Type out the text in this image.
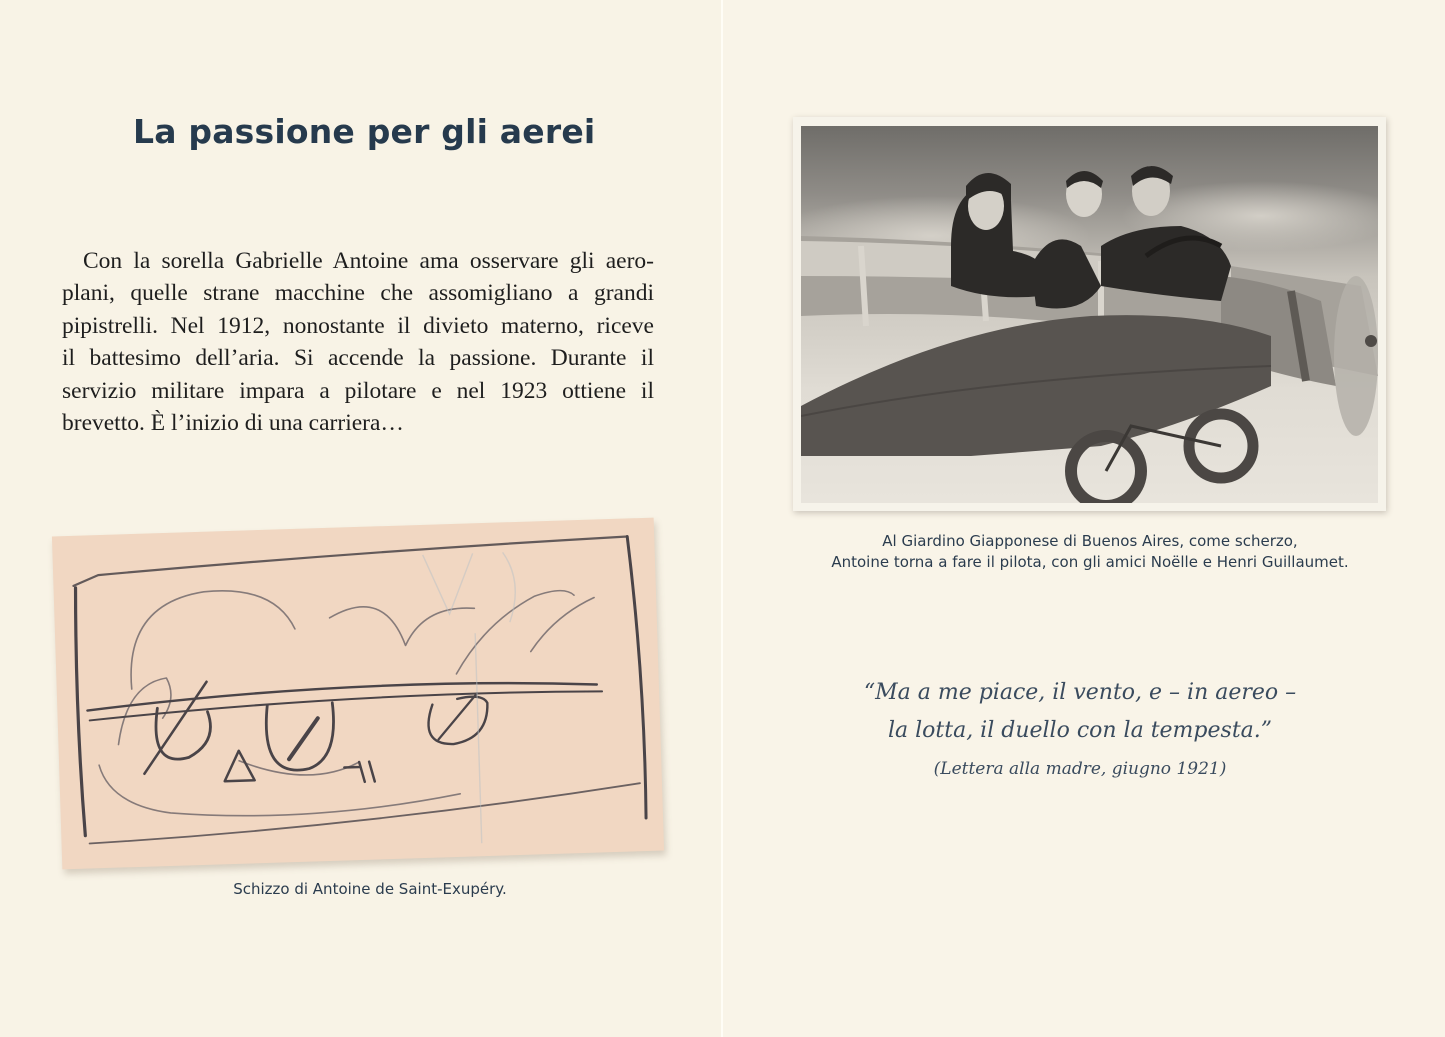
La passione per gli aerei

Con la sorella Gabrielle Antoine ama osservare gli aero-
plani, quelle strane macchine che assomigliano a grandi
pipistrelli. Nel 1912, nonostante il divieto materno, riceve
il battesimo dell’aria. Si accende la passione. Durante il
servizio militare impara a pilotare e nel 1923 ottiene il
brevetto. È l’inizio di una carriera…

Schizzo di Antoine de Saint-Exupéry.
Al Giardino Giapponese di Buenos Aires, come scherzo,
Antoine torna a fare il pilota, con gli amici Noëlle e Henri Guillaumet.
“Ma a me piace, il vento, e – in aereo –
la lotta, il duello con la tempesta.”
(Lettera alla madre, giugno 1921)
